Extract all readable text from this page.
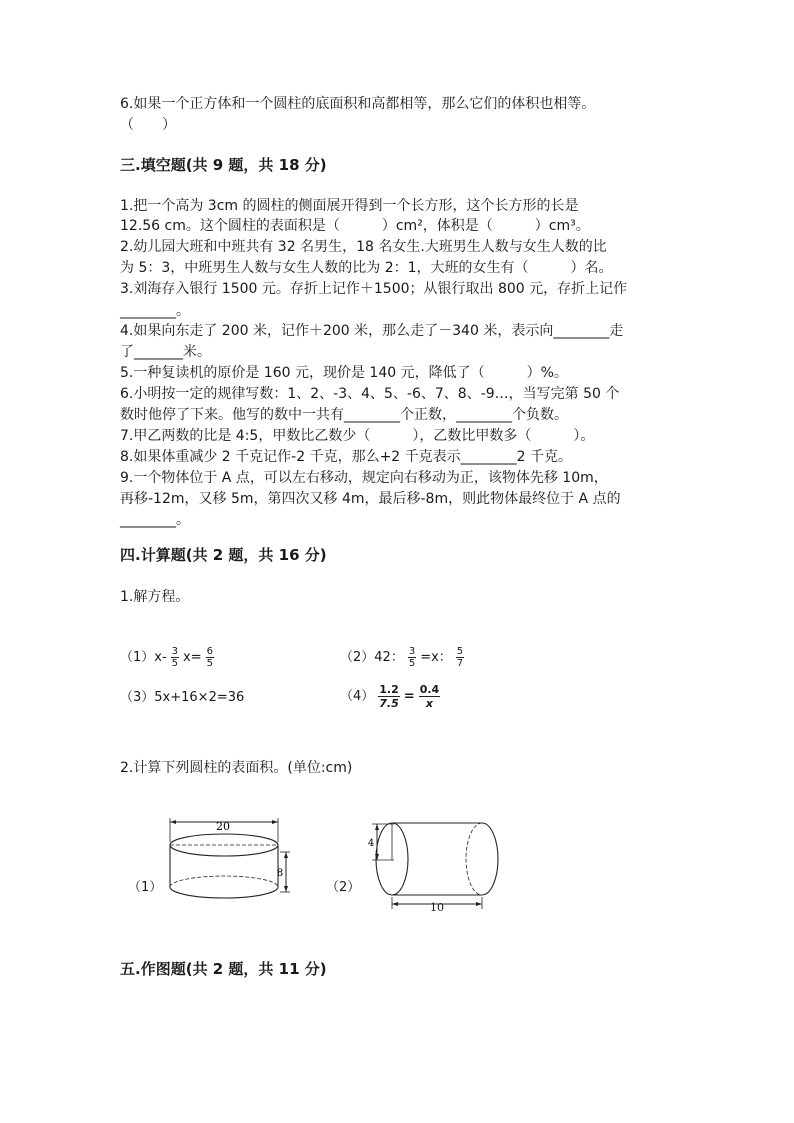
6.如果一个正方体和一个圆柱的底面积和高都相等，那么它们的体积也相等。
（　　）
三.填空题(共 9 题，共 18 分)
1.把一个高为 3cm 的圆柱的侧面展开得到一个长方形，这个长方形的长是
12.56 cm。这个圆柱的表面积是（　　　）cm²，体积是（　　　）cm³。
2.幼儿园大班和中班共有 32 名男生，18 名女生.大班男生人数与女生人数的比
为 5：3，中班男生人数与女生人数的比为 2：1，大班的女生有（　　　）名。
3.刘海存入银行 1500 元。存折上记作＋1500；从银行取出 800 元，存折上记作
________。
4.如果向东走了 200 米，记作＋200 米，那么走了－340 米，表示向________走
了_______米。
5.一种复读机的原价是 160 元，现价是 140 元，降低了（　　　）%。
6.小明按一定的规律写数：1、2、-3、4、5、-6、7、8、-9…，当写完第 50 个
数时他停了下来。他写的数中一共有________个正数，________个负数。
7.甲乙两数的比是 4:5，甲数比乙数少（　　　），乙数比甲数多（　　　）。
8.如果体重减少 2 千克记作-2 千克，那么+2 千克表示________2 千克。
9.一个物体位于 A 点，可以左右移动，规定向右移动为正，该物体先移 10m，
再移-12m，又移 5m，第四次又移 4m，最后移-8m，则此物体最终位于 A 点的
________。
四.计算题(共 2 题，共 16 分)
1.解方程。
$(1)x- \frac{3}{5} x= \frac{6}{5}$	（2）42： $\frac{3}{5} =x$： $\frac{5}{7}$
（3）5x+16×2=36	$(4) \frac{1.2}{7.5} = \frac{0.4}{x}$
2.计算下列圆柱的表面积。(单位:cm)
（1）
20
8
（2）
4
10
五.作图题(共 2 题，共 11 分)
